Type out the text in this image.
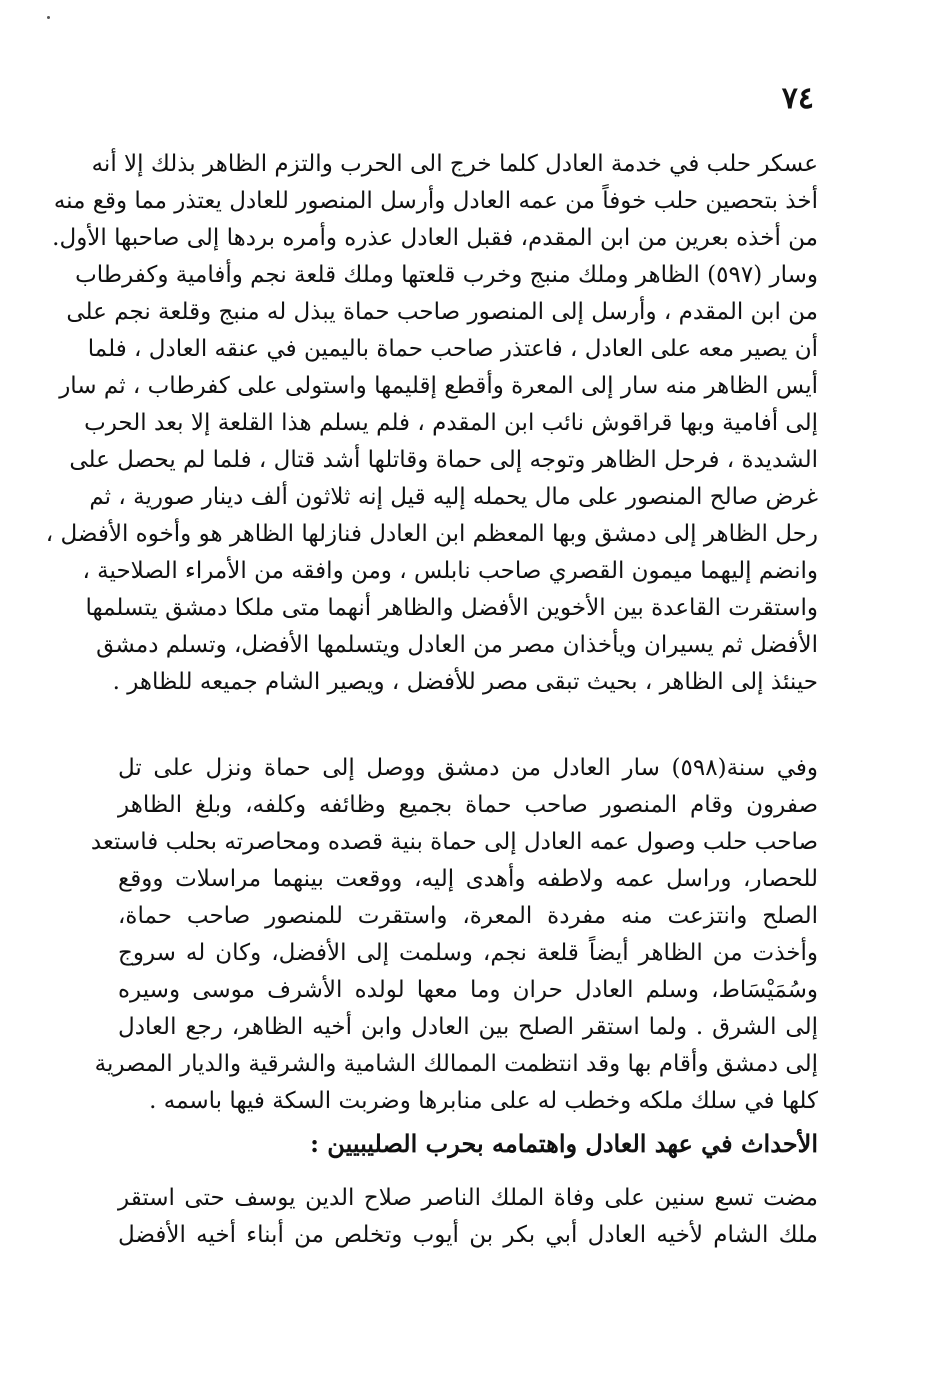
٧٤
عسكر حلب في خدمة العادل كلما خرج الى الحرب والتزم الظاهر بذلك إلا أنه
أخذ بتحصين حلب خوفاً من عمه العادل وأرسل المنصور للعادل يعتذر مما وقع منه
من أخذه بعرين من ابن المقدم، فقبل العادل عذره وأمره بردها إلى صاحبها الأول.
وسار (٥٩٧) الظاهر وملك منبج وخرب قلعتها وملك قلعة نجم وأفامية وكفرطاب
من ابن المقدم ، وأرسل إلى المنصور صاحب حماة يبذل له منبج وقلعة نجم على
أن يصير معه على العادل ، فاعتذر صاحب حماة باليمين في عنقه العادل ، فلما
أيس الظاهر منه سار إلى المعرة وأقطع إقليمها واستولى على كفرطاب ، ثم سار
إلى أفامية وبها قراقوش نائب ابن المقدم ، فلم يسلم هذا القلعة إلا بعد الحرب
الشديدة ، فرحل الظاهر وتوجه إلى حماة وقاتلها أشد قتال ، فلما لم يحصل على
غرض صالح المنصور على مال يحمله إليه قيل إنه ثلاثون ألف دينار صورية ، ثم
رحل الظاهر إلى دمشق وبها المعظم ابن العادل فنازلها الظاهر هو وأخوه الأفضل ،
وانضم إليهما ميمون القصري صاحب نابلس ، ومن وافقه من الأمراء الصلاحية ،
واستقرت القاعدة بين الأخوين الأفضل والظاهر أنهما متى ملكا دمشق يتسلمها
الأفضل ثم يسيران ويأخذان مصر من العادل ويتسلمها الأفضل، وتسلم دمشق
حينئذ إلى الظاهر ، بحيث تبقى مصر للأفضل ، ويصير الشام جميعه للظاهر .
وفي سنة(٥٩٨) سار العادل من دمشق ووصل إلى حماة ونزل على تل
صفرون وقام المنصور صاحب حماة بجميع وظائفه وكلفه، وبلغ الظاهر
صاحب حلب وصول عمه العادل إلى حماة بنية قصده ومحاصرته بحلب فاستعد
للحصار، وراسل عمه ولاطفه وأهدى إليه، ووقعت بينهما مراسلات ووقع
الصلح وانتزعت منه مفردة المعرة، واستقرت للمنصور صاحب حماة،
وأخذت من الظاهر أيضاً قلعة نجم، وسلمت إلى الأفضل، وكان له سروج
وسُمَيْسَاط، وسلم العادل حران وما معها لولده الأشرف موسى وسيره
إلى الشرق . ولما استقر الصلح بين العادل وابن أخيه الظاهر، رجع العادل
إلى دمشق وأقام بها وقد انتظمت الممالك الشامية والشرقية والديار المصرية
كلها في سلك ملكه وخطب له على منابرها وضربت السكة فيها باسمه .
الأحداث في عهد العادل واهتمامه بحرب الصليبيين :
مضت تسع سنين على وفاة الملك الناصر صلاح الدين يوسف حتى استقر
ملك الشام لأخيه العادل أبي بكر بن أيوب وتخلص من أبناء أخيه الأفضل
